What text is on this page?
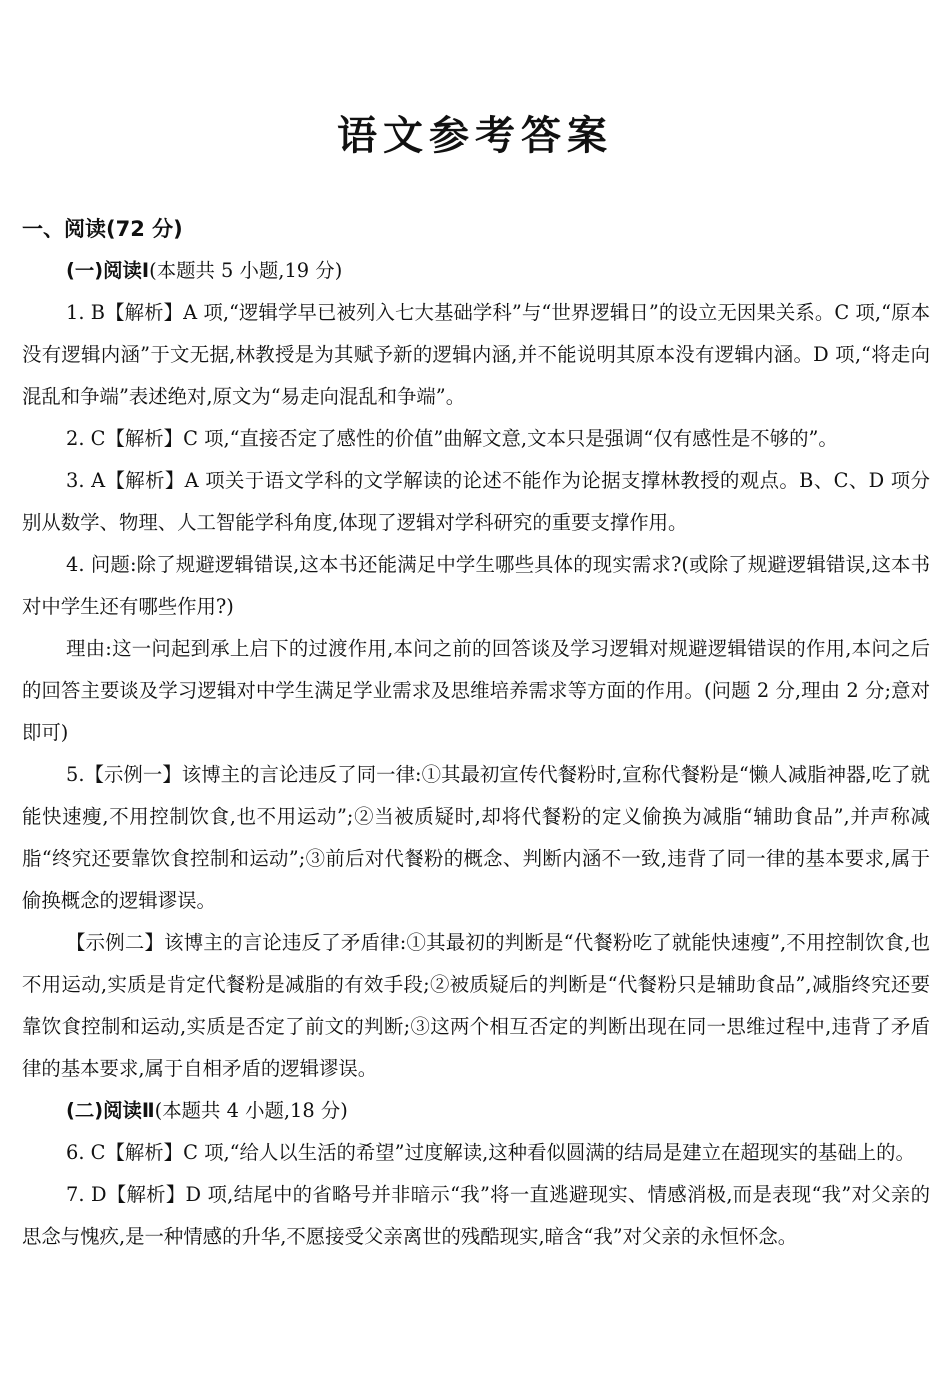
语文参考答案

一、阅读(72 分)

(一)阅读Ⅰ(本题共 5 小题,19 分)

1. B【解析】A 项,“逻辑学早已被列入七大基础学科”与“世界逻辑日”的设立无因果关系。C 项,“原本没有逻辑内涵”于文无据,林教授是为其赋予新的逻辑内涵,并不能说明其原本没有逻辑内涵。D 项,“将走向混乱和争端”表述绝对,原文为“易走向混乱和争端”。

2. C【解析】C 项,“直接否定了感性的价值”曲解文意,文本只是强调“仅有感性是不够的”。

3. A【解析】A 项关于语文学科的文学解读的论述不能作为论据支撑林教授的观点。B、C、D 项分别从数学、物理、人工智能学科角度,体现了逻辑对学科研究的重要支撑作用。

4. 问题:除了规避逻辑错误,这本书还能满足中学生哪些具体的现实需求?(或除了规避逻辑错误,这本书对中学生还有哪些作用?)

理由:这一问起到承上启下的过渡作用,本问之前的回答谈及学习逻辑对规避逻辑错误的作用,本问之后的回答主要谈及学习逻辑对中学生满足学业需求及思维培养需求等方面的作用。(问题 2 分,理由 2 分;意对即可)

5.【示例一】该博主的言论违反了同一律:①其最初宣传代餐粉时,宣称代餐粉是“懒人减脂神器,吃了就能快速瘦,不用控制饮食,也不用运动”;②当被质疑时,却将代餐粉的定义偷换为减脂“辅助食品”,并声称减脂“终究还要靠饮食控制和运动”;③前后对代餐粉的概念、判断内涵不一致,违背了同一律的基本要求,属于偷换概念的逻辑谬误。

【示例二】该博主的言论违反了矛盾律:①其最初的判断是“代餐粉吃了就能快速瘦”,不用控制饮食,也不用运动,实质是肯定代餐粉是减脂的有效手段;②被质疑后的判断是“代餐粉只是辅助食品”,减脂终究还要靠饮食控制和运动,实质是否定了前文的判断;③这两个相互否定的判断出现在同一思维过程中,违背了矛盾律的基本要求,属于自相矛盾的逻辑谬误。

(二)阅读Ⅱ(本题共 4 小题,18 分)

6. C【解析】C 项,“给人以生活的希望”过度解读,这种看似圆满的结局是建立在超现实的基础上的。

7. D【解析】D 项,结尾中的省略号并非暗示“我”将一直逃避现实、情感消极,而是表现“我”对父亲的思念与愧疚,是一种情感的升华,不愿接受父亲离世的残酷现实,暗含“我”对父亲的永恒怀念。
